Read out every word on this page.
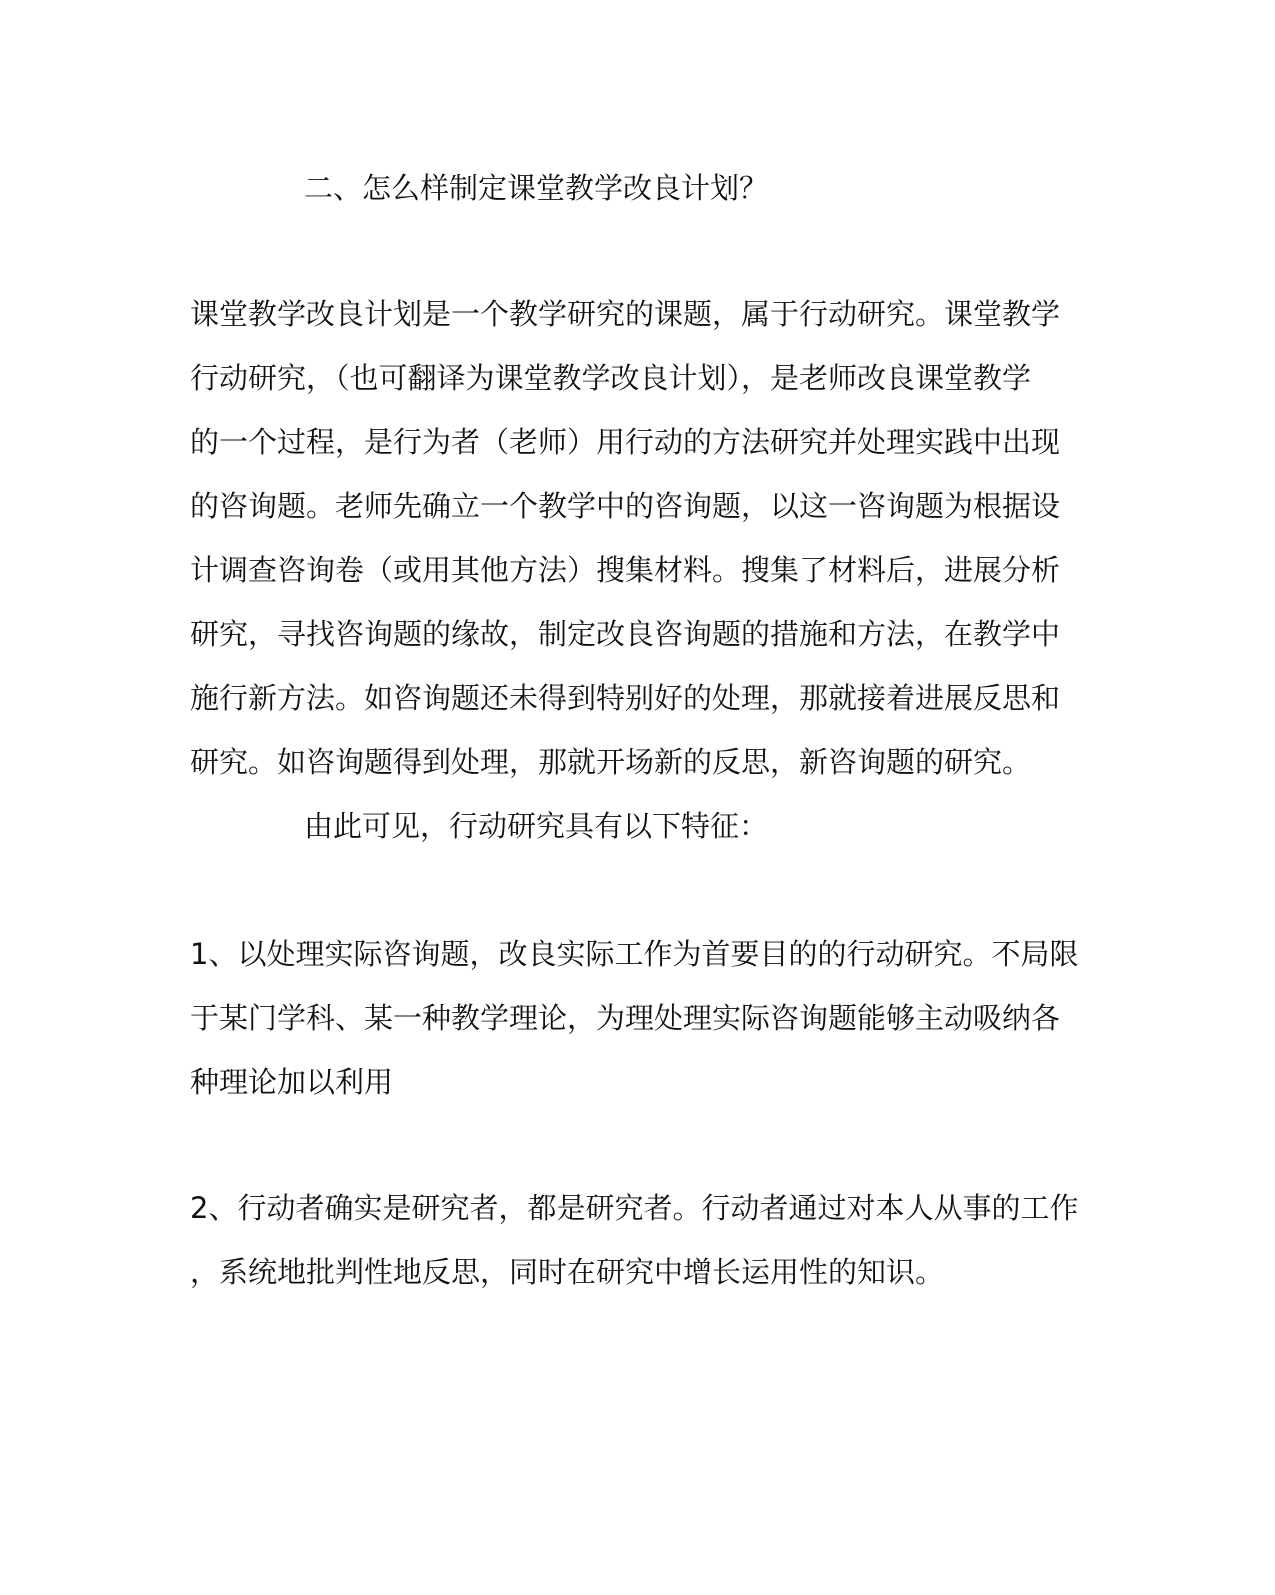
二、怎么样制定课堂教学改良计划？
课堂教学改良计划是一个教学研究的课题，属于行动研究。课堂教学
行动研究，（也可翻译为课堂教学改良计划），是老师改良课堂教学
的一个过程，是行为者（老师）用行动的方法研究并处理实践中出现
的咨询题。老师先确立一个教学中的咨询题，以这一咨询题为根据设
计调查咨询卷（或用其他方法）搜集材料。搜集了材料后，进展分析
研究，寻找咨询题的缘故，制定改良咨询题的措施和方法，在教学中
施行新方法。如咨询题还未得到特别好的处理，那就接着进展反思和
研究。如咨询题得到处理，那就开场新的反思，新咨询题的研究。
由此可见，行动研究具有以下特征：
1、以处理实际咨询题，改良实际工作为首要目的的行动研究。不局限
于某门学科、某一种教学理论，为理处理实际咨询题能够主动吸纳各
种理论加以利用
2、行动者确实是研究者，都是研究者。行动者通过对本人从事的工作
，系统地批判性地反思，同时在研究中增长运用性的知识。
